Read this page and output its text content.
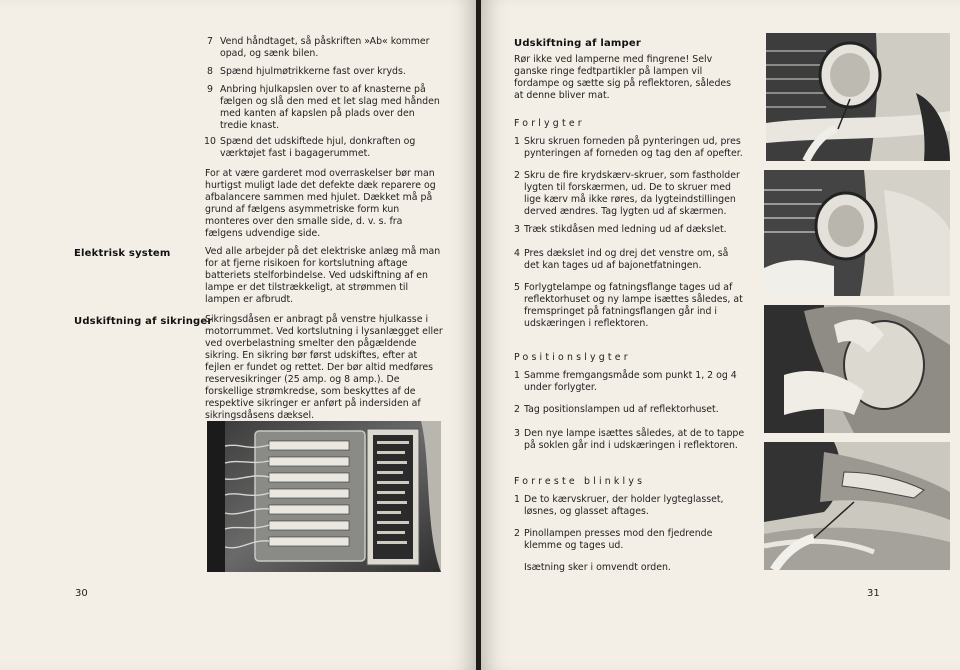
7 Vend håndtaget, så påskriften »Ab« kommer opad, og sænk bilen.
8 Spænd hjulmøtrikkerne fast over kryds.
9 Anbring hjulkapslen over to af knasterne på fælgen og slå den med et let slag med hånden med kanten af kapslen på plads over den tredie knast.
10 Spænd det udskiftede hjul, donkraften og værktøjet fast i bagagerummet.
For at være garderet mod overraskelser bør man hurtigst muligt lade det defekte dæk reparere og afbalancere sammen med hjulet. Dækket må på grund af fælgens asymmetriske form kun monteres over den smalle side, d. v. s. fra fælgens udvendige side.
Elektrisk system	Ved alle arbejder på det elektriske anlæg må man for at fjerne risikoen for kortslutning aftage batteriets stelforbindelse. Ved udskiftning af en lampe er det tilstrækkeligt, at strømmen til lampen er afbrudt.
Udskiftning af sikringer
Sikringsdåsen er anbragt på venstre hjulkasse i motorrummet. Ved kortslutning i lysanlægget eller ved overbelastning smelter den pågældende sikring. En sikring bør først udskiftes, efter at fejlen er fundet og rettet. Der bør altid medføres reservesikringer (25 amp. og 8 amp.). De forskellige strømkredse, som beskyttes af de respektive sikringer er anført på indersiden af sikringsdåsens dæksel.
30
Udskiftning af lamper
Rør ikke ved lamperne med fingrene! Selv ganske ringe fedtpartikler på lampen vil fordampe og sætte sig på reflektoren, således at denne bliver mat.
Forlygter
1 Skru skruen forneden på pynteringen ud, pres pynteringen af forneden og tag den af opefter.
2 Skru de fire krydskærv-skruer, som fastholder lygten til forskærmen, ud. De to skruer med lige kærv må ikke røres, da lygteindstillingen derved ændres. Tag lygten ud af skærmen.
3 Træk stikdåsen med ledning ud af dækslet.
4 Pres dækslet ind og drej det venstre om, så det kan tages ud af bajonetfatningen.
5 Forlygtelampe og fatningsflange tages ud af reflektorhuset og ny lampe isættes således, at fremspringet på fatningsflangen går ind i udskæringen i reflektoren.
Positionslygter
1 Samme fremgangsmåde som punkt 1, 2 og 4 under forlygter.
2 Tag positionslampen ud af reflektorhuset.
3 Den nye lampe isættes således, at de to tappe på soklen går ind i udskæringen i reflektoren.
Forreste blinklys
1 De to kærvskruer, der holder lygteglasset, løsnes, og glasset aftages.
2 Pinollampen presses mod den fjedrende klemme og tages ud.
Isætning sker i omvendt orden.
31
